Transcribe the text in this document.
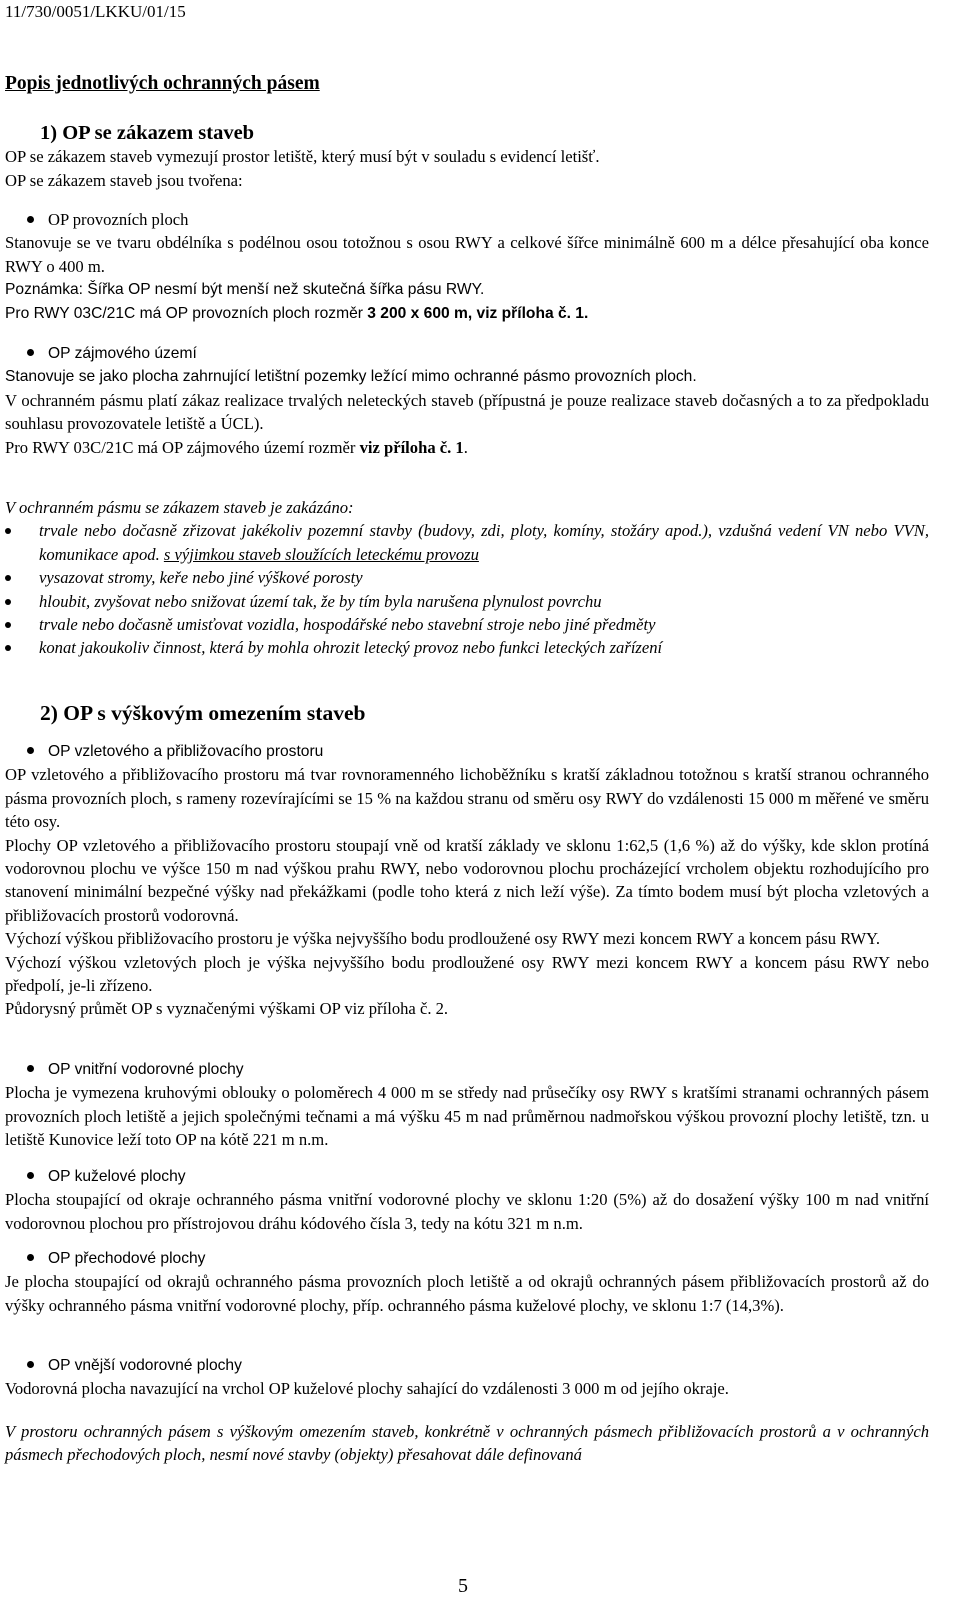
11/730/0051/LKKU/01/15

Popis jednotlivých ochranných pásem

1) OP se zákazem staveb

OP se zákazem staveb vymezují prostor letiště, který musí být v souladu s evidencí letišť.

OP se zákazem staveb jsou tvořena:

OP provozních ploch

Stanovuje se ve tvaru obdélníka s podélnou osou totožnou s osou RWY a celkové šířce minimálně 600 m a délce přesahující oba konce RWY o 400 m.

Poznámka: Šířka OP nesmí být menší než skutečná šířka pásu RWY.

Pro RWY 03C/21C má OP provozních ploch rozměr 3 200 x 600 m, viz příloha č. 1.

OP zájmového území

Stanovuje se jako plocha zahrnující letištní pozemky ležící mimo ochranné pásmo provozních ploch.

V ochranném pásmu platí zákaz realizace trvalých neleteckých staveb (přípustná je pouze realizace staveb dočasných a to za předpokladu souhlasu provozovatele letiště a ÚCL).

Pro RWY 03C/21C má OP zájmového území rozměr viz příloha č. 1.

V ochranném pásmu se zákazem staveb je zakázáno:

trvale nebo dočasně zřizovat jakékoliv pozemní stavby (budovy, zdi, ploty, komíny, stožáry apod.), vzdušná vedení VN nebo VVN, komunikace apod. s výjimkou staveb sloužících leteckému provozu
vysazovat stromy, keře nebo jiné výškové porosty
hloubit, zvyšovat nebo snižovat území tak, že by tím byla narušena plynulost povrchu
trvale nebo dočasně umisťovat vozidla, hospodářské nebo stavební stroje nebo jiné předměty
konat jakoukoliv činnost, která by mohla ohrozit letecký provoz nebo funkci leteckých zařízení

2) OP s výškovým omezením staveb

OP vzletového a přibližovacího prostoru

OP vzletového a přibližovacího prostoru má tvar rovnoramenného lichoběžníku s kratší základnou totožnou s kratší stranou ochranného pásma provozních ploch, s rameny rozevírajícími se 15 % na každou stranu od směru osy RWY do vzdálenosti 15 000 m měřené ve směru této osy.

Plochy OP vzletového a přibližovacího prostoru stoupají vně od kratší základy ve sklonu 1:62,5 (1,6 %) až do výšky, kde sklon protíná vodorovnou plochu ve výšce 150 m nad výškou prahu RWY, nebo vodorovnou plochu procházející vrcholem objektu rozhodujícího pro stanovení minimální bezpečné výšky nad překážkami (podle toho která z nich leží výše). Za tímto bodem musí být plocha vzletových a přibližovacích prostorů vodorovná.

Výchozí výškou přibližovacího prostoru je výška nejvyššího bodu prodloužené osy RWY mezi koncem RWY a koncem pásu RWY.

Výchozí výškou vzletových ploch je výška nejvyššího bodu prodloužené osy RWY mezi koncem RWY a koncem pásu RWY nebo předpolí, je-li zřízeno.

Půdorysný průmět OP s vyznačenými výškami OP viz příloha č. 2.

OP vnitřní vodorovné plochy

Plocha je vymezena kruhovými oblouky o poloměrech 4 000 m se středy nad průsečíky osy RWY s kratšími stranami ochranných pásem provozních ploch letiště a jejich společnými tečnami a má výšku 45 m nad průměrnou nadmořskou výškou provozní plochy letiště, tzn. u letiště Kunovice leží toto OP na kótě 221 m n.m.

OP kuželové plochy

Plocha stoupající od okraje ochranného pásma vnitřní vodorovné plochy ve sklonu 1:20 (5%) až do dosažení výšky 100 m nad vnitřní vodorovnou plochou pro přístrojovou dráhu kódového čísla 3, tedy na kótu 321 m n.m.

OP přechodové plochy

Je plocha stoupající od okrajů ochranného pásma provozních ploch letiště a od okrajů ochranných pásem přibližovacích prostorů až do výšky ochranného pásma vnitřní vodorovné plochy, příp. ochranného pásma kuželové plochy, ve sklonu 1:7 (14,3%).

OP vnější vodorovné plochy

Vodorovná plocha navazující na vrchol OP kuželové plochy sahající do vzdálenosti 3 000 m od jejího okraje.

V prostoru ochranných pásem s výškovým omezením staveb, konkrétně v ochranných pásmech přibližovacích prostorů a v ochranných pásmech přechodových ploch, nesmí nové stavby (objekty) přesahovat dále definovaná

5
